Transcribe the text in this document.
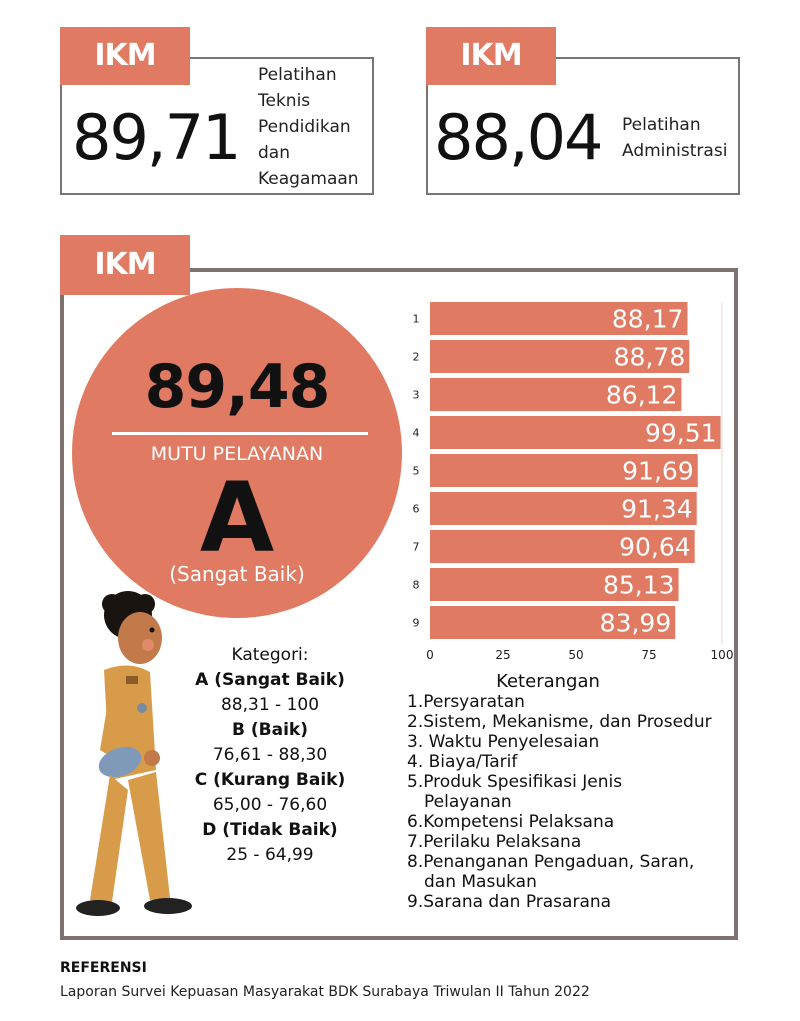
IKM
89,71
Pelatihan
Teknis
Pendidikan
dan
Keagamaan
IKM
88,04 Pelatihan
Administrasi
IKM
89,48
MUTU PELAYANAN
A
(Sangat Baik)
Kategori:
A (Sangat Baik)
88,31 - 100
B (Baik)
76,61 - 88,30
C (Kurang Baik)
65,00 - 76,60
D (Tidak Baik)
25 - 64,99
1	88,17
2	88,78
3	86,12
4	99,51
5	91,69
6	91,34
7	90,64
8	85,13
9	83,99
0	25	50	75	100
Keterangan
1.Persyaratan
2.Sistem, Mekanisme, dan Prosedur
3. Waktu Penyelesaian
4. Biaya/Tarif
5.Produk Spesifikasi Jenis
Pelayanan
6.Kompetensi Pelaksana
7.Perilaku Pelaksana
8.Penanganan Pengaduan, Saran,
dan Masukan
9.Sarana dan Prasarana
REFERENSI
Laporan Survei Kepuasan Masyarakat BDK Surabaya Triwulan II Tahun 2022
